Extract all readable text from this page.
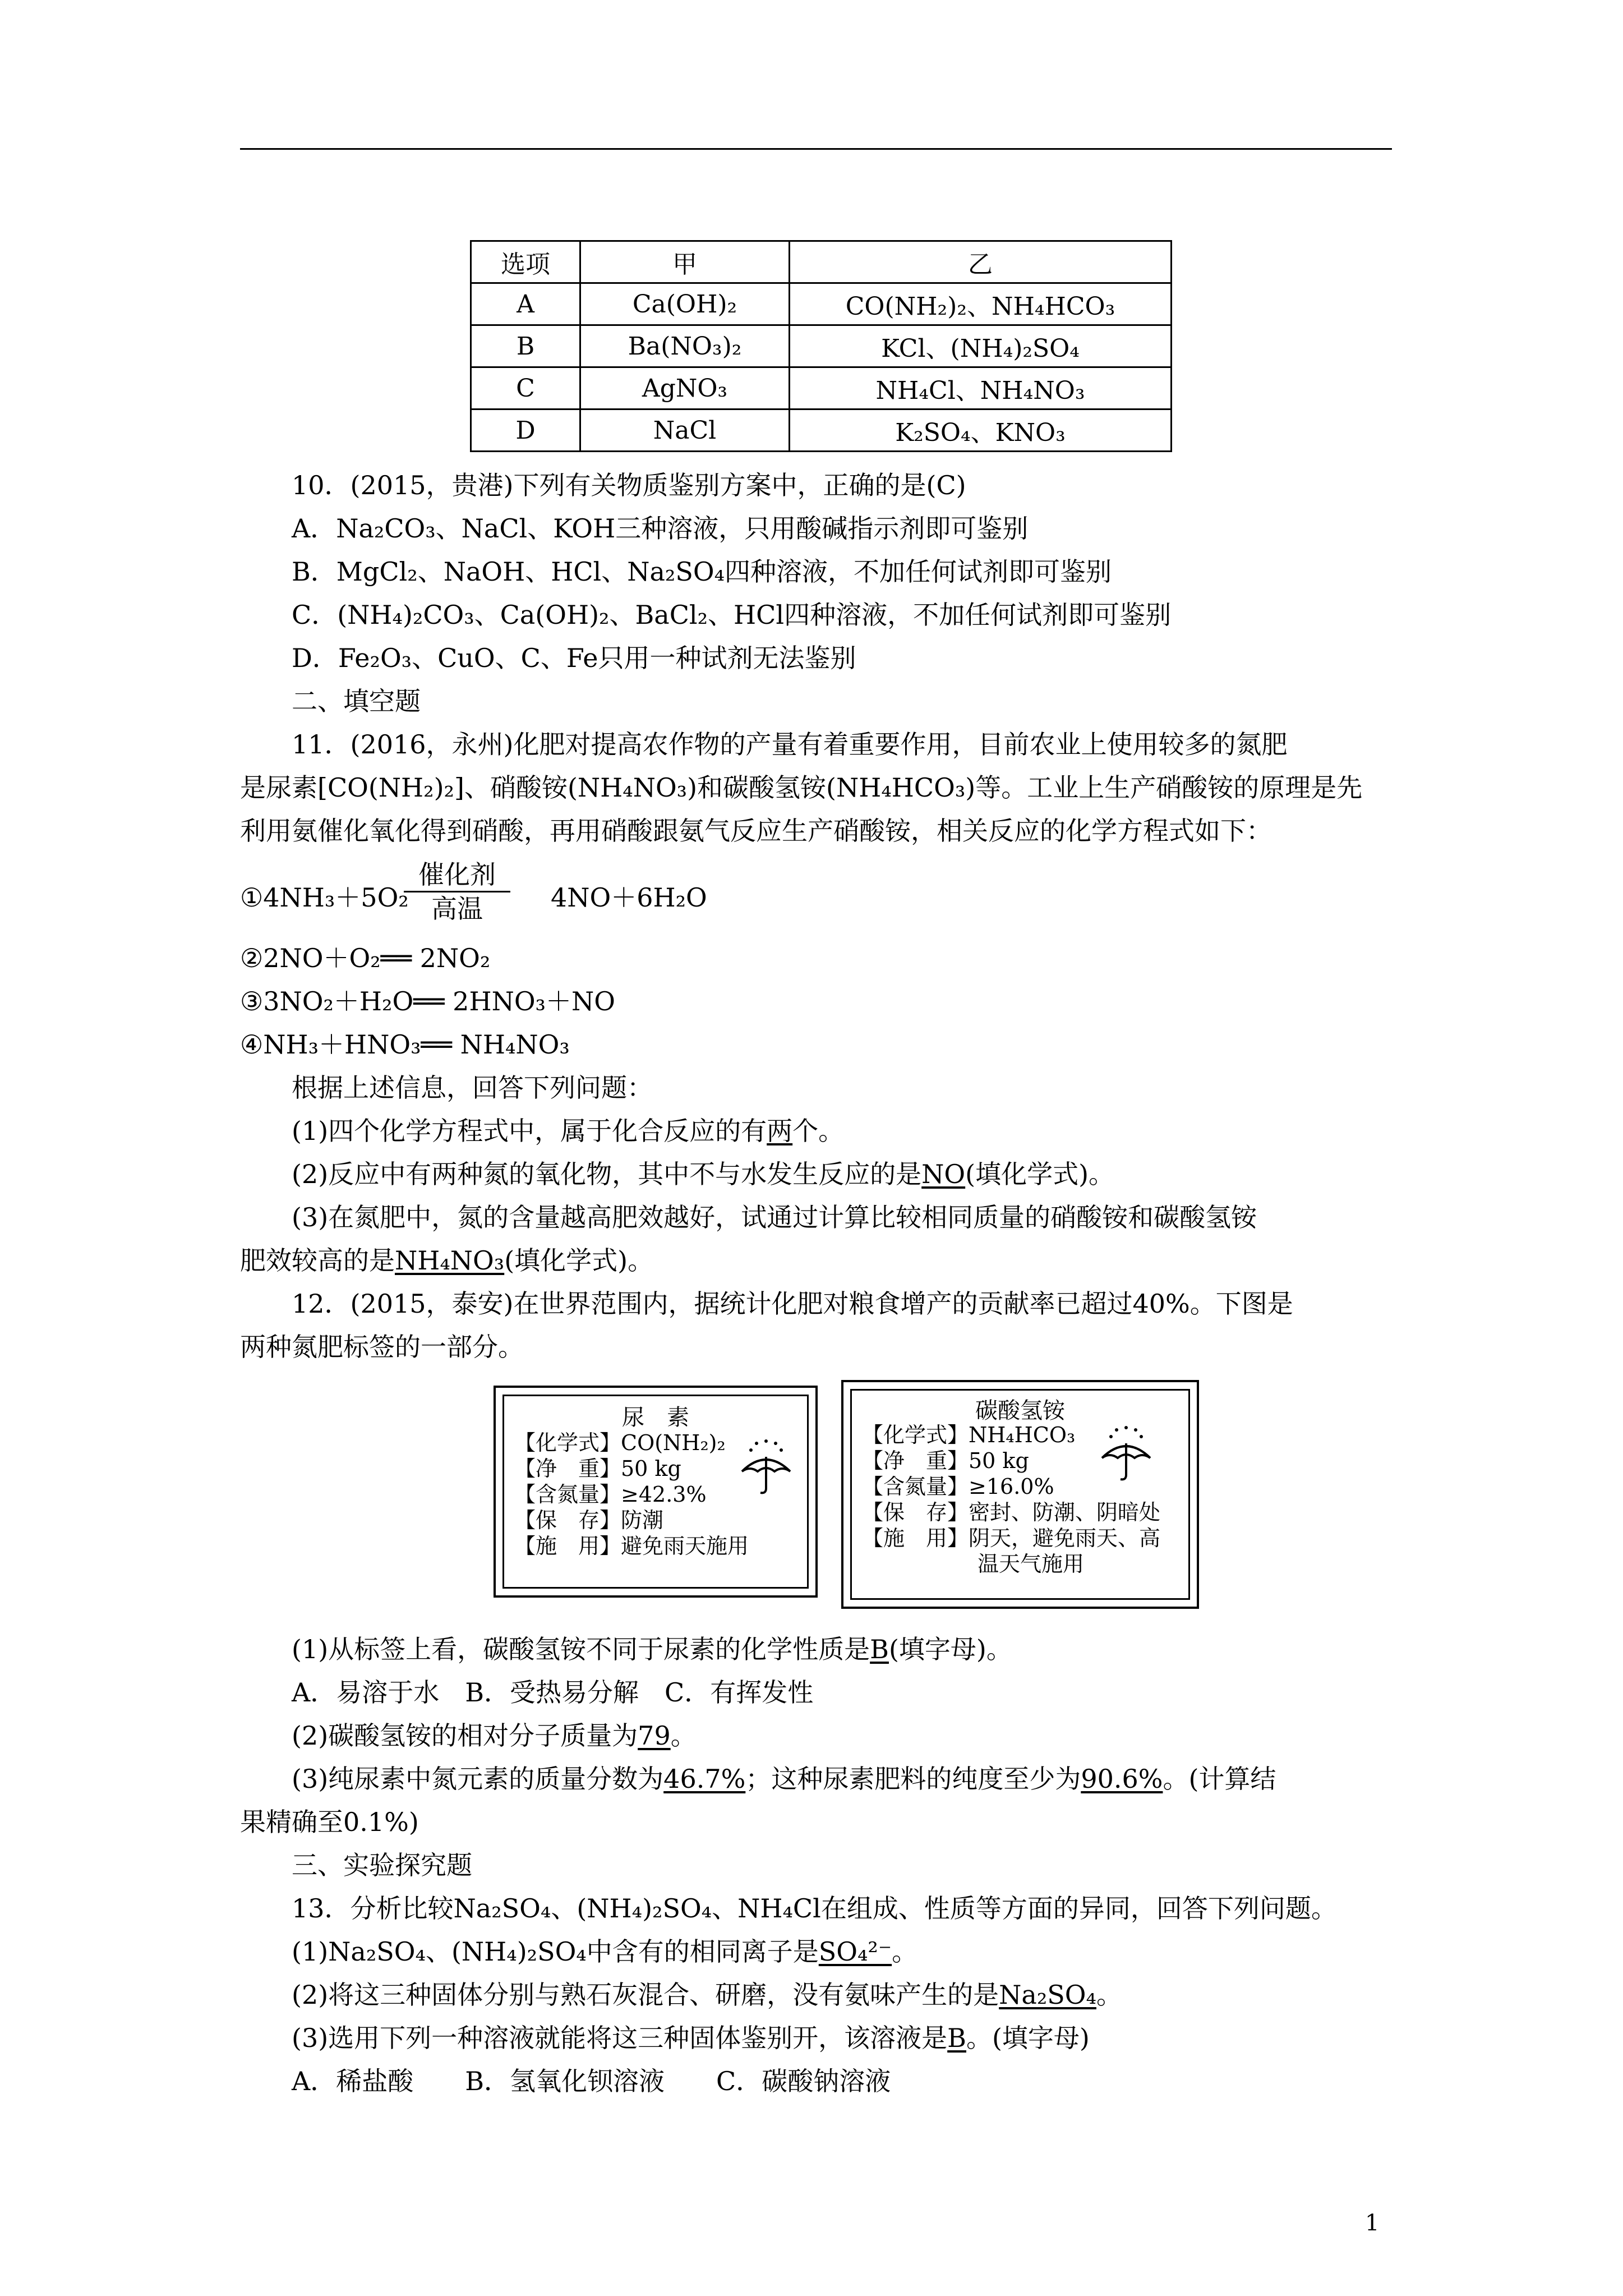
选项	甲	乙
A	Ca(OH)₂	CO(NH₂)₂、NH₄HCO₃
B	Ba(NO₃)₂	KCl、(NH₄)₂SO₄
C	AgNO₃	NH₄Cl、NH₄NO₃
D	NaCl	K₂SO₄、KNO₃
10．(2015，贵港)下列有关物质鉴别方案中，正确的是(C)
A．Na₂CO₃、NaCl、KOH三种溶液，只用酸碱指示剂即可鉴别
B．MgCl₂、NaOH、HCl、Na₂SO₄四种溶液，不加任何试剂即可鉴别
C．(NH₄)₂CO₃、Ca(OH)₂、BaCl₂、HCl四种溶液，不加任何试剂即可鉴别
D．Fe₂O₃、CuO、C、Fe只用一种试剂无法鉴别
二、填空题
11．(2016，永州)化肥对提高农作物的产量有着重要作用，目前农业上使用较多的氮肥
是尿素[CO(NH₂)₂]、硝酸铵(NH₄NO₃)和碳酸氢铵(NH₄HCO₃)等。工业上生产硝酸铵的原理是先
利用氨催化氧化得到硝酸，再用硝酸跟氨气反应生产硝酸铵，相关反应的化学方程式如下：
①4NH₃＋5O₂
催化剂
高温	4NO＋6H₂O
②2NO＋O₂══ 2NO₂
③3NO₂＋H₂O══ 2HNO₃＋NO
④NH₃＋HNO₃══ NH₄NO₃
根据上述信息，回答下列问题：
(1)四个化学方程式中，属于化合反应的有两个。
(2)反应中有两种氮的氧化物，其中不与水发生反应的是NO(填化学式)。
(3)在氮肥中，氮的含量越高肥效越好，试通过计算比较相同质量的硝酸铵和碳酸氢铵
肥效较高的是NH₄NO₃(填化学式)。
12．(2015，泰安)在世界范围内，据统计化肥对粮食增产的贡献率已超过40%。下图是
两种氮肥标签的一部分。
尿　素
【化学式】CO(NH₂)₂
【净　重】50 kg
【含氮量】≥42.3%
【保　存】防潮
【施　用】避免雨天施用
碳酸氢铵
【化学式】NH₄HCO₃
【净　重】50 kg
【含氮量】≥16.0%
【保　存】密封、防潮、阴暗处
【施　用】阴天，避免雨天、高
温天气施用
(1)从标签上看，碳酸氢铵不同于尿素的化学性质是B(填字母)。
A．易溶于水　B．受热易分解　C．有挥发性
(2)碳酸氢铵的相对分子质量为79。
(3)纯尿素中氮元素的质量分数为46.7%；这种尿素肥料的纯度至少为90.6%。(计算结
果精确至0.1%)
三、实验探究题
13．分析比较Na₂SO₄、(NH₄)₂SO₄、NH₄Cl在组成、性质等方面的异同，回答下列问题。
(1)Na₂SO₄、(NH₄)₂SO₄中含有的相同离子是SO₄²⁻。
(2)将这三种固体分别与熟石灰混合、研磨，没有氨味产生的是Na₂SO₄。
(3)选用下列一种溶液就能将这三种固体鉴别开，该溶液是B。(填字母)
A．稀盐酸　　B．氢氧化钡溶液　　C．碳酸钠溶液
1
